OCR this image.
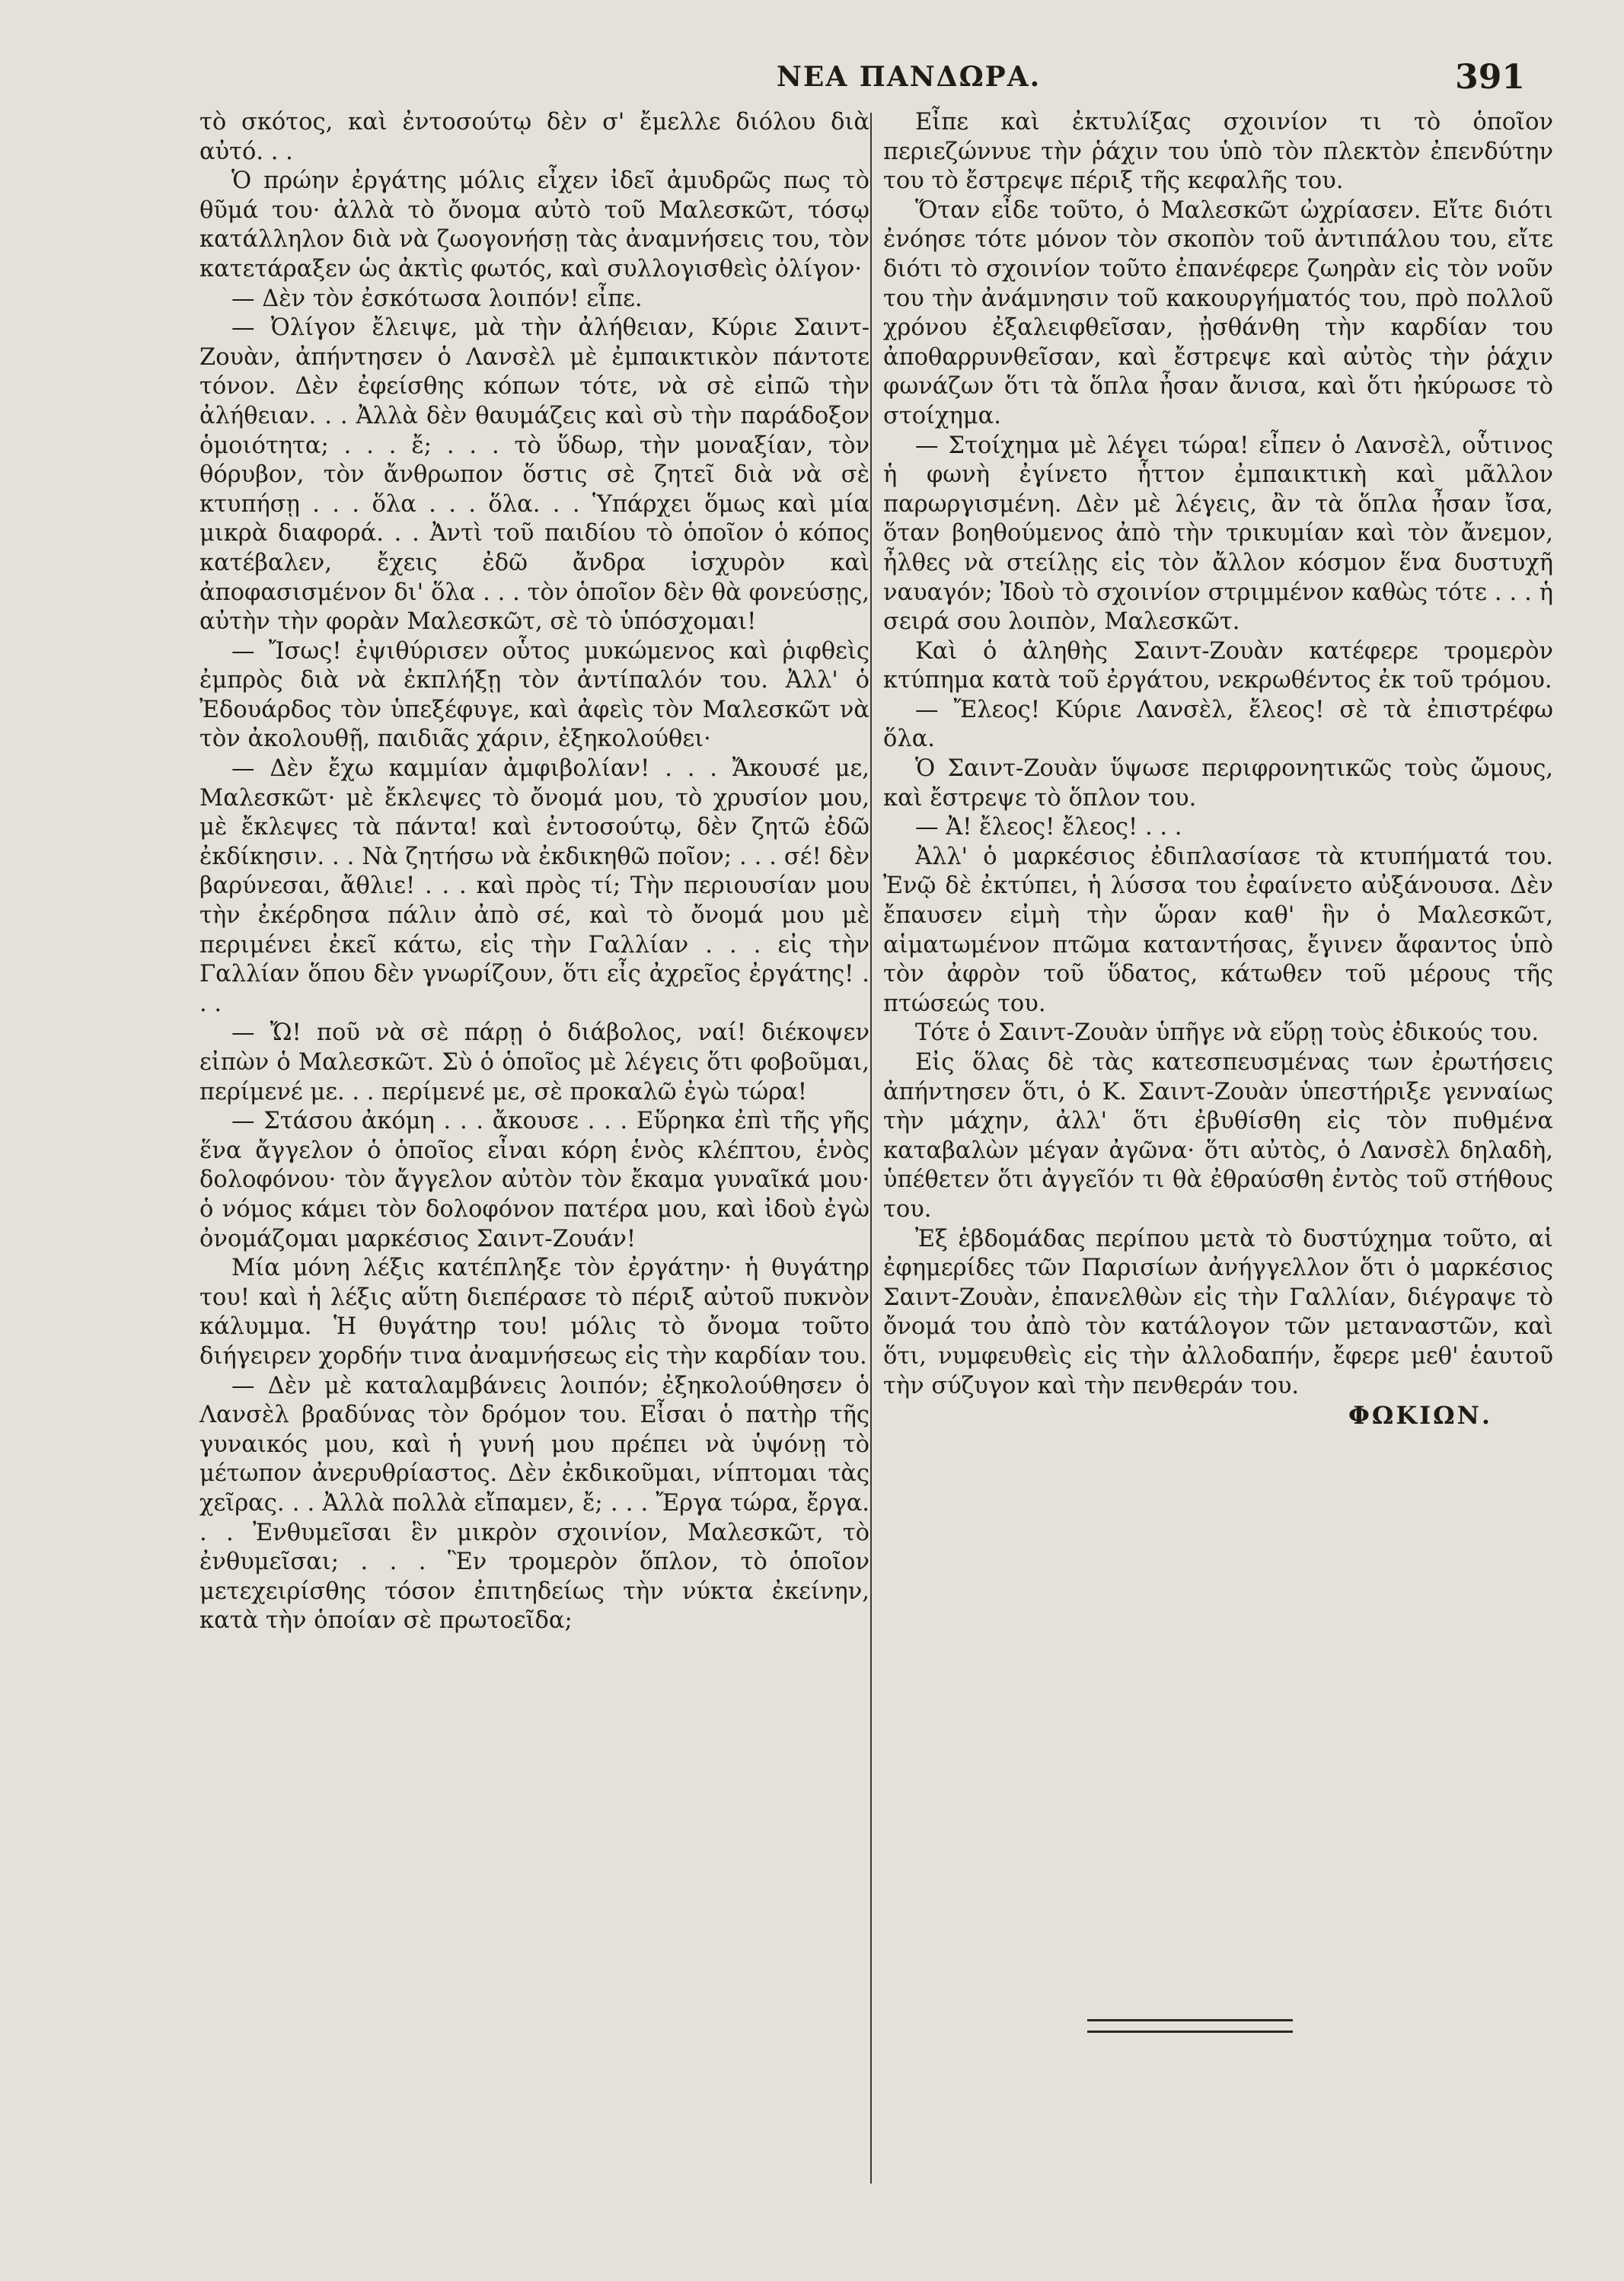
ΝΕΑ ΠΑΝΔΩΡΑ.	391

τὸ σκότος, καὶ ἐντοσούτῳ δὲν σ' ἔμελλε διόλου διὰ αὐτό. . .

Ὁ πρώην ἐργάτης μόλις εἶχεν ἰδεῖ ἀμυδρῶς πως τὸ θῦμά του· ἀλλὰ τὸ ὄνομα αὐτὸ τοῦ Μαλεσκῶτ, τόσῳ κατάλληλον διὰ νὰ ζωογονήσῃ τὰς ἀναμνήσεις του, τὸν κατετάραξεν ὡς ἀκτὶς φωτός, καὶ συλλογισθεὶς ὀλίγον·

— Δὲν τὸν ἐσκότωσα λοιπόν! εἶπε.

— Ὀλίγον ἔλειψε, μὰ τὴν ἀλήθειαν, Κύριε Σαιντ-Ζουὰν, ἀπήντησεν ὁ Λανσὲλ μὲ ἐμπαικτικὸν πάντοτε τόνον. Δὲν ἐφείσθης κόπων τότε, νὰ σὲ εἰπῶ τὴν ἀλήθειαν. . . Ἀλλὰ δὲν θαυμάζεις καὶ σὺ τὴν παράδοξον ὁμοιότητα; . . . ἔ; . . . τὸ ὕδωρ, τὴν μοναξίαν, τὸν θόρυβον, τὸν ἄνθρωπον ὅστις σὲ ζητεῖ διὰ νὰ σὲ κτυπήσῃ . . . ὅλα . . . ὅλα. . . Ὑπάρχει ὅμως καὶ μία μικρὰ διαφορά. . . Ἀντὶ τοῦ παιδίου τὸ ὁποῖον ὁ κόπος κατέβαλεν, ἔχεις ἐδῶ ἄνδρα ἰσχυρὸν καὶ ἀποφασισμένον δι' ὅλα . . . τὸν ὁποῖον δὲν θὰ φονεύσῃς, αὐτὴν τὴν φορὰν Μαλεσκῶτ, σὲ τὸ ὑπόσχομαι!

— Ἴσως! ἐψιθύρισεν οὗτος μυκώμενος καὶ ῥιφθεὶς ἐμπρὸς διὰ νὰ ἐκπλήξῃ τὸν ἀντίπαλόν του. Ἀλλ' ὁ Ἐδουάρδος τὸν ὑπεξέφυγε, καὶ ἀφεὶς τὸν Μαλεσκῶτ νὰ τὸν ἀκολουθῇ, παιδιᾶς χάριν, ἐξηκολούθει·

— Δὲν ἔχω καμμίαν ἀμφιβολίαν! . . . Ἄκουσέ με, Μαλεσκῶτ· μὲ ἔκλεψες τὸ ὄνομά μου, τὸ χρυσίον μου, μὲ ἔκλεψες τὰ πάντα! καὶ ἐντοσούτῳ, δὲν ζητῶ ἐδῶ ἐκδίκησιν. . . Νὰ ζητήσω νὰ ἐκδικηθῶ ποῖον; . . . σέ! δὲν βαρύνεσαι, ἄθλιε! . . . καὶ πρὸς τί; Τὴν περιουσίαν μου τὴν ἐκέρδησα πάλιν ἀπὸ σέ, καὶ τὸ ὄνομά μου μὲ περιμένει ἐκεῖ κάτω, εἰς τὴν Γαλλίαν . . . εἰς τὴν Γαλλίαν ὅπου δὲν γνωρίζουν, ὅτι εἶς ἀχρεῖος ἐργάτης! . . .

— Ὤ! ποῦ νὰ σὲ πάρῃ ὁ διάβολος, ναί! διέκοψεν εἰπὼν ὁ Μαλεσκῶτ. Σὺ ὁ ὁποῖος μὲ λέγεις ὅτι φοβοῦμαι, περίμενέ με. . . περίμενέ με, σὲ προκαλῶ ἐγὼ τώρα!

— Στάσου ἀκόμη . . . ἄκουσε . . . Εὕρηκα ἐπὶ τῆς γῆς ἕνα ἄγγελον ὁ ὁποῖος εἶναι κόρη ἑνὸς κλέπτου, ἑνὸς δολοφόνου· τὸν ἄγγελον αὐτὸν τὸν ἔκαμα γυναῖκά μου· ὁ νόμος κάμει τὸν δολοφόνον πατέρα μου, καὶ ἰδοὺ ἐγὼ ὀνομάζομαι μαρκέσιος Σαιντ-Ζουάν!

Μία μόνη λέξις κατέπληξε τὸν ἐργάτην· ἡ θυγάτηρ του! καὶ ἡ λέξις αὕτη διεπέρασε τὸ πέριξ αὐτοῦ πυκνὸν κάλυμμα. Ἡ θυγάτηρ του! μόλις τὸ ὄνομα τοῦτο διήγειρεν χορδήν τινα ἀναμνήσεως εἰς τὴν καρδίαν του.

— Δὲν μὲ καταλαμβάνεις λοιπόν; ἐξηκολούθησεν ὁ Λανσὲλ βραδύνας τὸν δρόμον του. Εἶσαι ὁ πατὴρ τῆς γυναικός μου, καὶ ἡ γυνή μου πρέπει νὰ ὑψόνῃ τὸ μέτωπον ἀνερυθρίαστος. Δὲν ἐκδικοῦμαι, νίπτομαι τὰς χεῖρας. . . Ἀλλὰ πολλὰ εἴπαμεν, ἔ; . . . Ἔργα τώρα, ἔργα. . . Ἐνθυμεῖσαι ἓν μικρὸν σχοινίον, Μαλεσκῶτ, τὸ ἐνθυμεῖσαι; . . . Ἓν τρομερὸν ὅπλον, τὸ ὁποῖον μετεχειρίσθης τόσον ἐπιτηδείως τὴν νύκτα ἐκείνην, κατὰ τὴν ὁποίαν σὲ πρωτοεῖδα;

Εἶπε καὶ ἐκτυλίξας σχοινίον τι τὸ ὁποῖον περιεζώννυε τὴν ῥάχιν του ὑπὸ τὸν πλεκτὸν ἐπενδύτην του τὸ ἔστρεψε πέριξ τῆς κεφαλῆς του.

Ὅταν εἶδε τοῦτο, ὁ Μαλεσκῶτ ὠχρίασεν. Εἴτε διότι ἐνόησε τότε μόνον τὸν σκοπὸν τοῦ ἀντιπάλου του, εἴτε διότι τὸ σχοινίον τοῦτο ἐπανέφερε ζωηρὰν εἰς τὸν νοῦν του τὴν ἀνάμνησιν τοῦ κακουργήματός του, πρὸ πολλοῦ χρόνου ἐξαλειφθεῖσαν, ᾐσθάνθη τὴν καρδίαν του ἀποθαρρυνθεῖσαν, καὶ ἔστρεψε καὶ αὐτὸς τὴν ῥάχιν φωνάζων ὅτι τὰ ὅπλα ἦσαν ἄνισα, καὶ ὅτι ἠκύρωσε τὸ στοίχημα.

— Στοίχημα μὲ λέγει τώρα! εἶπεν ὁ Λανσὲλ, οὗτινος ἡ φωνὴ ἐγίνετο ἧττον ἐμπαικτικὴ καὶ μᾶλλον παρωργισμένη. Δὲν μὲ λέγεις, ἂν τὰ ὅπλα ἦσαν ἴσα, ὅταν βοηθούμενος ἀπὸ τὴν τρικυμίαν καὶ τὸν ἄνεμον, ἦλθες νὰ στείλῃς εἰς τὸν ἄλλον κόσμον ἕνα δυστυχῆ ναυαγόν; Ἰδοὺ τὸ σχοινίον στριμμένον καθὼς τότε . . . ἡ σειρά σου λοιπὸν, Μαλεσκῶτ.

Καὶ ὁ ἀληθὴς Σαιντ-Ζουὰν κατέφερε τρομερὸν κτύπημα κατὰ τοῦ ἐργάτου, νεκρωθέντος ἐκ τοῦ τρόμου.

— Ἔλεος! Κύριε Λανσὲλ, ἔλεος! σὲ τὰ ἐπιστρέφω ὅλα.

Ὁ Σαιντ-Ζουὰν ὕψωσε περιφρονητικῶς τοὺς ὤμους, καὶ ἔστρεψε τὸ ὅπλον του.

— Ἀ! ἔλεος! ἔλεος! . . .

Ἀλλ' ὁ μαρκέσιος ἐδιπλασίασε τὰ κτυπήματά του. Ἐνῷ δὲ ἐκτύπει, ἡ λύσσα του ἐφαίνετο αὐξάνουσα. Δὲν ἔπαυσεν εἰμὴ τὴν ὥραν καθ' ἣν ὁ Μαλεσκῶτ, αἱματωμένον πτῶμα καταντήσας, ἔγινεν ἄφαντος ὑπὸ τὸν ἀφρὸν τοῦ ὕδατος, κάτωθεν τοῦ μέρους τῆς πτώσεώς του.

Τότε ὁ Σαιντ-Ζουὰν ὑπῆγε νὰ εὕρῃ τοὺς ἐδικούς του.

Εἰς ὅλας δὲ τὰς κατεσπευσμένας των ἐρωτήσεις ἀπήντησεν ὅτι, ὁ Κ. Σαιντ-Ζουὰν ὑπεστήριξε γενναίως τὴν μάχην, ἀλλ' ὅτι ἐβυθίσθη εἰς τὸν πυθμένα καταβαλὼν μέγαν ἀγῶνα· ὅτι αὐτὸς, ὁ Λανσὲλ δηλαδὴ, ὑπέθετεν ὅτι ἀγγεῖόν τι θὰ ἐθραύσθη ἐντὸς τοῦ στήθους του.

Ἐξ ἑβδομάδας περίπου μετὰ τὸ δυστύχημα τοῦτο, αἱ ἐφημερίδες τῶν Παρισίων ἀνήγγελλον ὅτι ὁ μαρκέσιος Σαιντ-Ζουὰν, ἐπανελθὼν εἰς τὴν Γαλλίαν, διέγραψε τὸ ὄνομά του ἀπὸ τὸν κατάλογον τῶν μεταναστῶν, καὶ ὅτι, νυμφευθεὶς εἰς τὴν ἀλλοδαπήν, ἔφερε μεθ' ἑαυτοῦ τὴν σύζυγον καὶ τὴν πενθεράν του.

ΦΩΚΙΩΝ.
